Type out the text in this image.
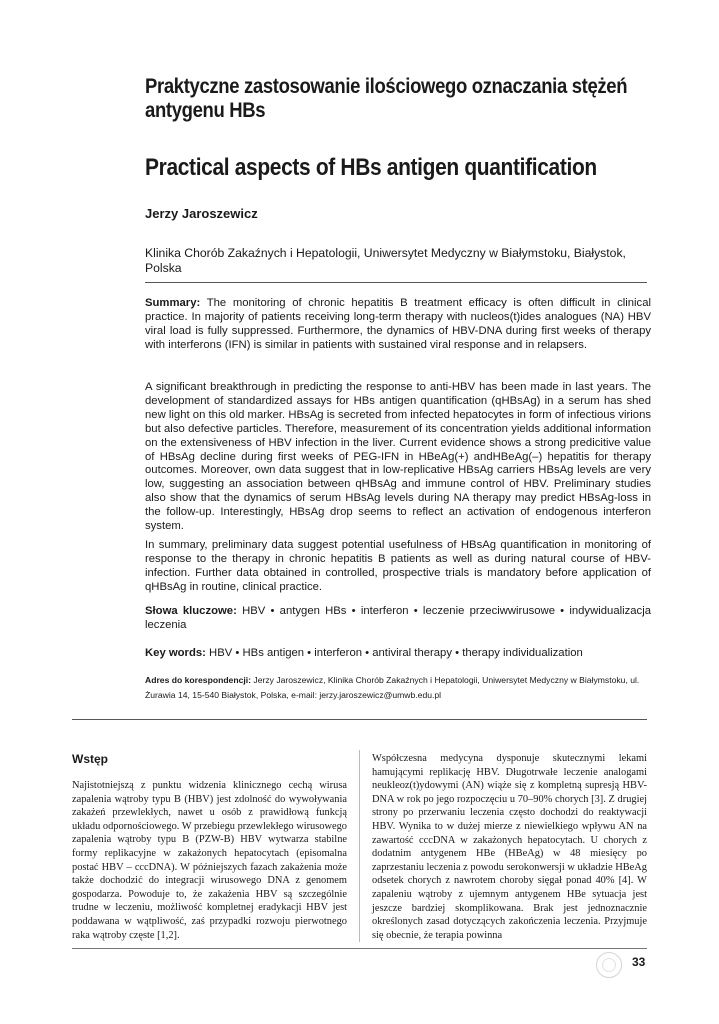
Praktyczne zastosowanie ilościowego oznaczania stężeń antygenu HBs
Practical aspects of HBs antigen quantification
Jerzy Jaroszewicz
Klinika Chorób Zakaźnych i Hepatologii, Uniwersytet Medyczny w Białymstoku, Białystok, Polska
Summary: The monitoring of chronic hepatitis B treatment efficacy is often difficult in clinical practice. In majority of patients receiving long-term therapy with nucleos(t)ides analogues (NA) HBV viral load is fully suppressed. Furthermore, the dynamics of HBV-DNA during first weeks of therapy with interferons (IFN) is similar in patients with sustained viral response and in relapsers.
A significant breakthrough in predicting the response to anti-HBV has been made in last years. The development of standardized assays for HBs antigen quantification (qHBsAg) in a serum has shed new light on this old marker. HBsAg is secreted from infected hepatocytes in form of infectious virions but also defective particles. Therefore, measurement of its concentration yields additional information on the extensiveness of HBV infection in the liver. Current evidence shows a strong predicitive value of HBsAg decline during first weeks of PEG-IFN in HBeAg(+) andHBeAg(–) hepatitis for therapy outcomes. Moreover, own data suggest that in low-replicative HBsAg carriers HBsAg levels are very low, suggesting an association between qHBsAg and immune control of HBV. Preliminary studies also show that the dynamics of serum HBsAg levels during NA therapy may predict HBsAg-loss in the follow-up. Interestingly, HBsAg drop seems to reflect an activation of endogenous interferon system.
In summary, preliminary data suggest potential usefulness of HBsAg quantification in monitoring of response to the therapy in chronic hepatitis B patients as well as during natural course of HBV-infection. Further data obtained in controlled, prospective trials is mandatory before application of qHBsAg in routine, clinical practice.
Słowa kluczowe: HBV • antygen HBs • interferon • leczenie przeciwwirusowe • indywidualizacja leczenia
Key words: HBV • HBs antigen • interferon • antiviral therapy • therapy individualization
Adres do korespondencji: Jerzy Jaroszewicz, Klinika Chorób Zakaźnych i Hepatologii, Uniwersytet Medyczny w Białymstoku, ul. Żurawia 14, 15-540 Białystok, Polska, e-mail: jerzy.jaroszewicz@umwb.edu.pl
Wstęp
Najistotniejszą z punktu widzenia klinicznego cechą wirusa zapalenia wątroby typu B (HBV) jest zdolność do wywoływania zakażeń przewlekłych, nawet u osób z prawidłową funkcją układu odpornościowego. W przebiegu przewlekłego wirusowego zapalenia wątroby typu B (PZW-B) HBV wytwarza stabilne formy replikacyjne w zakażonych hepatocytach (episomalna postać HBV – cccDNA). W późniejszych fazach zakażenia może także dochodzić do integracji wirusowego DNA z genomem gospodarza. Powoduje to, że zakażenia HBV są szczególnie trudne w leczeniu, możliwość kompletnej eradykacji HBV jest poddawana w wątpliwość, zaś przypadki rozwoju pierwotnego raka wątroby częste [1,2].
Współczesna medycyna dysponuje skutecznymi lekami hamującymi replikację HBV. Długotrwałe leczenie analogami neukleoz(t)ydowymi (AN) wiąże się z kompletną supresją HBV-DNA w rok po jego rozpoczęciu u 70–90% chorych [3]. Z drugiej strony po przerwaniu leczenia często dochodzi do reaktywacji HBV. Wynika to w dużej mierze z niewielkiego wpływu AN na zawartość cccDNA w zakażonych hepatocytach. U chorych z dodatnim antygenem HBe (HBeAg) w 48 miesięcy po zaprzestaniu leczenia z powodu serokonwersji w układzie HBeAg odsetek chorych z nawrotem choroby sięgał ponad 40% [4]. W zapaleniu wątroby z ujemnym antygenem HBe sytuacja jest jeszcze bardziej skomplikowana. Brak jest jednoznacznie określonych zasad dotyczących zakończenia leczenia. Przyjmuje się obecnie, że terapia powinna
33
